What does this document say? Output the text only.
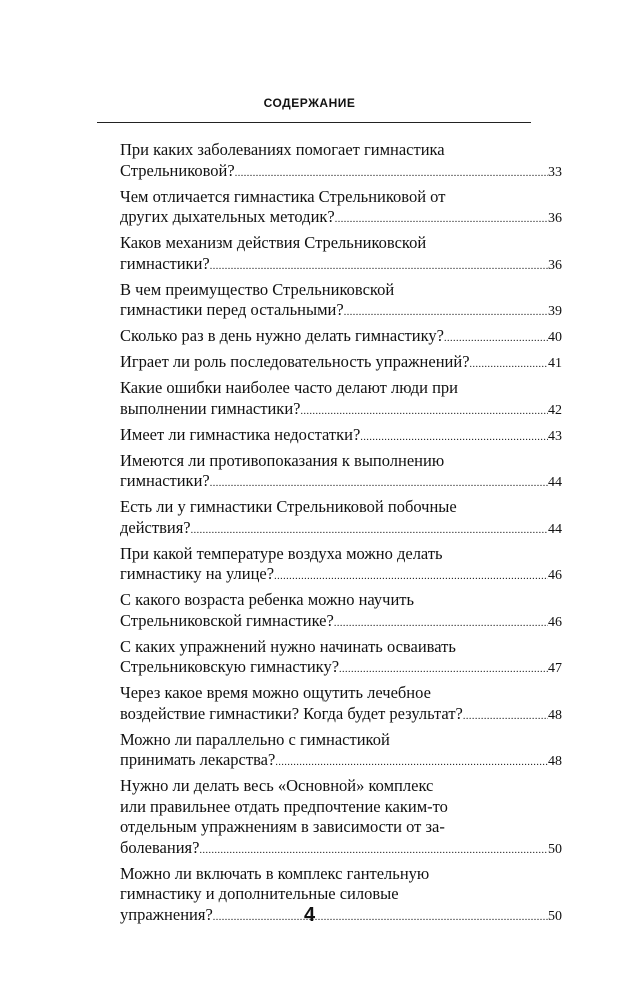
СОДЕРЖАНИЕ
При каких заболеваниях помогает гимнастика
Стрельниковой? .....	33
Чем отличается гимнастика Стрельниковой от
других дыхательных методик? .....	36
Каков механизм действия Стрельниковской
гимнастики? .....	36
В чем преимущество Стрельниковской
гимнастики перед остальными? .....	39
Сколько раз в день нужно делать гимнастику? .....	40
Играет ли роль последовательность упражнений? .....	41
Какие ошибки наиболее часто делают люди при
выполнении гимнастики? .....	42
Имеет ли гимнастика недостатки? .....	43
Имеются ли противопоказания к выполнению
гимнастики? .....	44
Есть ли у гимнастики Стрельниковой побочные
действия? .....	44
При какой температуре воздуха можно делать
гимнастику на улице? .....	46
С какого возраста ребенка можно научить
Стрельниковской гимнастике? .....	46
С каких упражнений нужно начинать осваивать
Стрельниковскую гимнастику? .....	47
Через какое время можно ощутить лечебное
воздействие гимнастики? Когда будет результат? .....	48
Можно ли параллельно с гимнастикой
принимать лекарства? .....	48
Нужно ли делать весь «Основной» комплекс
или правильнее отдать предпочтение каким-то
отдельным упражнениям в зависимости от за-
болевания? .....	50
Можно ли включать в комплекс гантельную
гимнастику и дополнительные силовые
упражнения? .....	50
4
